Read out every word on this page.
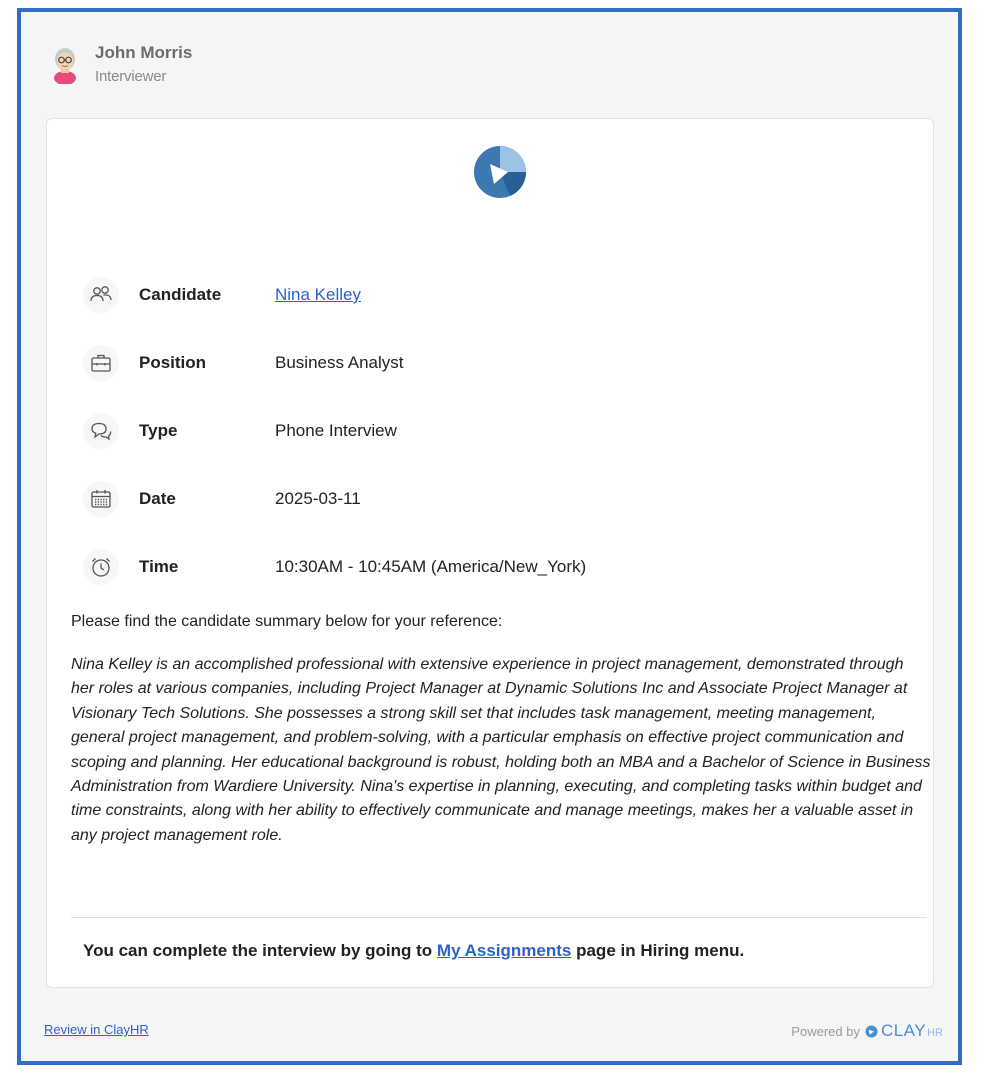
John Morris
Interviewer
Candidate	Nina Kelley
Position	Business Analyst
Type	Phone Interview
Date	2025-03-11
Time	10:30AM - 10:45AM (America/New_York)
Please find the candidate summary below for your reference:
Nina Kelley is an accomplished professional with extensive experience in project management, demonstrated through her roles at various companies, including Project Manager at Dynamic Solutions Inc and Associate Project Manager at Visionary Tech Solutions. She possesses a strong skill set that includes task management, meeting management, general project management, and problem-solving, with a particular emphasis on effective project communication and scoping and planning. Her educational background is robust, holding both an MBA and a Bachelor of Science in Business Administration from Wardiere University. Nina's expertise in planning, executing, and completing tasks within budget and time constraints, along with her ability to effectively communicate and manage meetings, makes her a valuable asset in any project management role.
You can complete the interview by going to My Assignments page in Hiring menu.
Review in ClayHR	Powered by CLAY HR
